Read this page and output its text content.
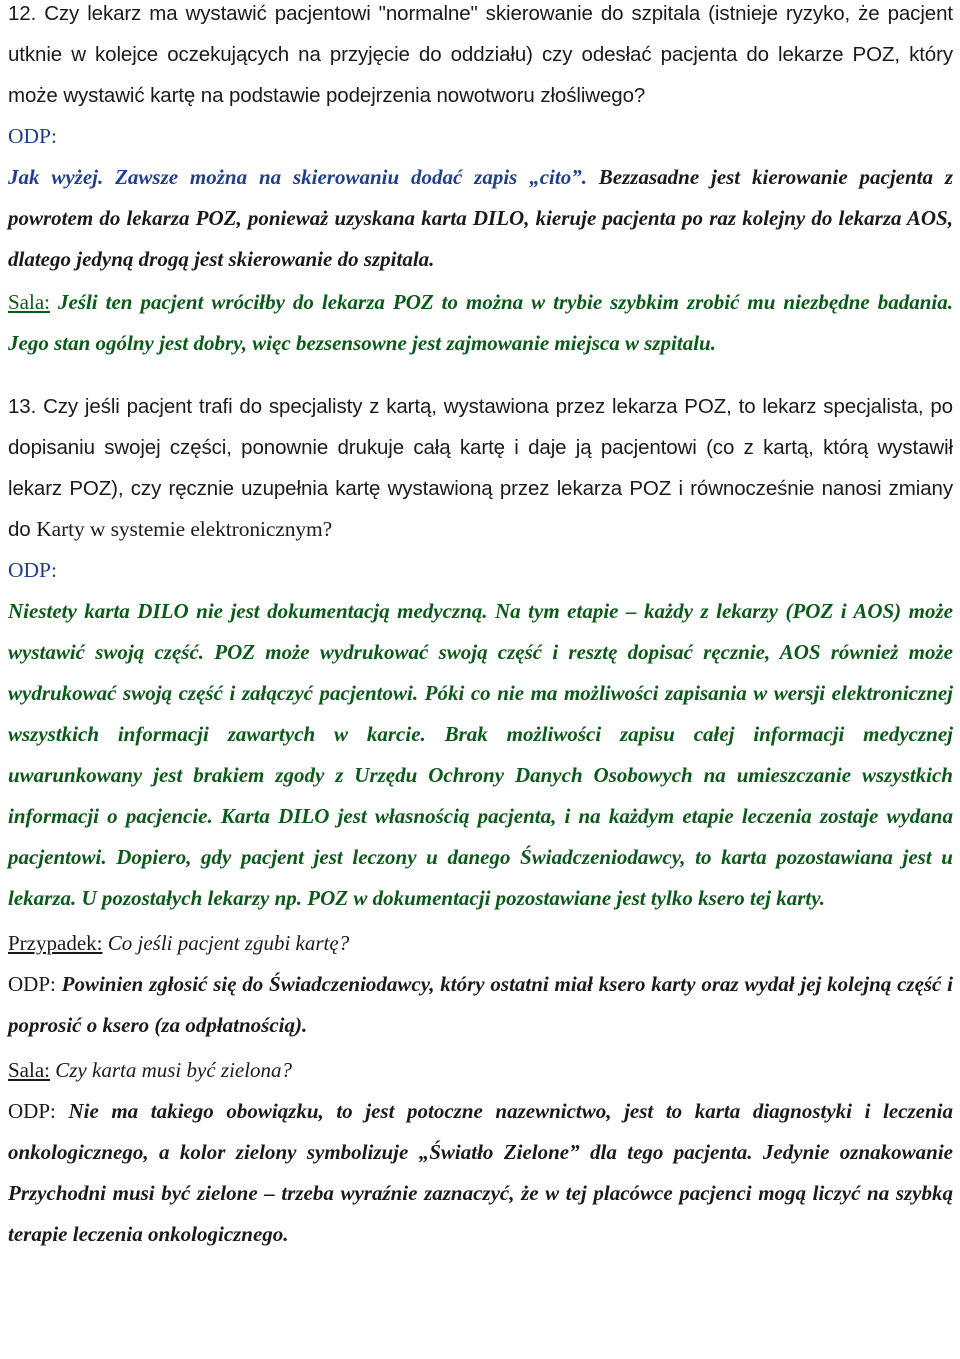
12. Czy lekarz ma wystawić pacjentowi "normalne" skierowanie do szpitala (istnieje ryzyko, że pacjent utknie w kolejce oczekujących na przyjęcie do oddziału) czy odesłać pacjenta do lekarze POZ, który może wystawić kartę na podstawie podejrzenia nowotworu złośliwego?

ODP:

Jak wyżej. Zawsze można na skierowaniu dodać zapis „cito”. Bezzasadne jest kierowanie pacjenta z powrotem do lekarza POZ, ponieważ uzyskana karta DILO, kieruje pacjenta po raz kolejny do lekarza AOS, dlatego jedyną drogą jest skierowanie do szpitala.

Sala: Jeśli ten pacjent wróciłby do lekarza POZ to można w trybie szybkim zrobić mu niezbędne badania. Jego stan ogólny jest dobry, więc bezsensowne jest zajmowanie miejsca w szpitalu.

13. Czy jeśli pacjent trafi do specjalisty z kartą, wystawiona przez lekarza POZ, to lekarz specjalista, po dopisaniu swojej części, ponownie drukuje całą kartę i daje ją pacjentowi (co z kartą, którą wystawił lekarz POZ), czy ręcznie uzupełnia kartę wystawioną przez lekarza POZ i równocześnie nanosi zmiany do Karty w systemie elektronicznym?

ODP:

Niestety karta DILO nie jest dokumentacją medyczną. Na tym etapie – każdy z lekarzy (POZ i AOS) może wystawić swoją część. POZ może wydrukować swoją część i resztę dopisać ręcznie, AOS również może wydrukować swoją część i załączyć pacjentowi. Póki co nie ma możliwości zapisania w wersji elektronicznej wszystkich informacji zawartych w karcie. Brak możliwości zapisu całej informacji medycznej uwarunkowany jest brakiem zgody z Urzędu Ochrony Danych Osobowych na umieszczanie wszystkich informacji o pacjencie. Karta DILO jest własnością pacjenta, i na każdym etapie leczenia zostaje wydana pacjentowi. Dopiero, gdy pacjent jest leczony u danego Świadczeniodawcy, to karta pozostawiana jest u lekarza. U pozostałych lekarzy np. POZ w dokumentacji pozostawiane jest tylko ksero tej karty.

Przypadek: Co jeśli pacjent zgubi kartę?

ODP: Powinien zgłosić się do Świadczeniodawcy, który ostatni miał ksero karty oraz wydał jej kolejną część i poprosić o ksero (za odpłatnością).

Sala: Czy karta musi być zielona?

ODP: Nie ma takiego obowiązku, to jest potoczne nazewnictwo, jest to karta diagnostyki i leczenia onkologicznego, a kolor zielony symbolizuje „Światło Zielone” dla tego pacjenta. Jedynie oznakowanie Przychodni musi być zielone – trzeba wyraźnie zaznaczyć, że w tej placówce pacjenci mogą liczyć na szybką terapie leczenia onkologicznego.
